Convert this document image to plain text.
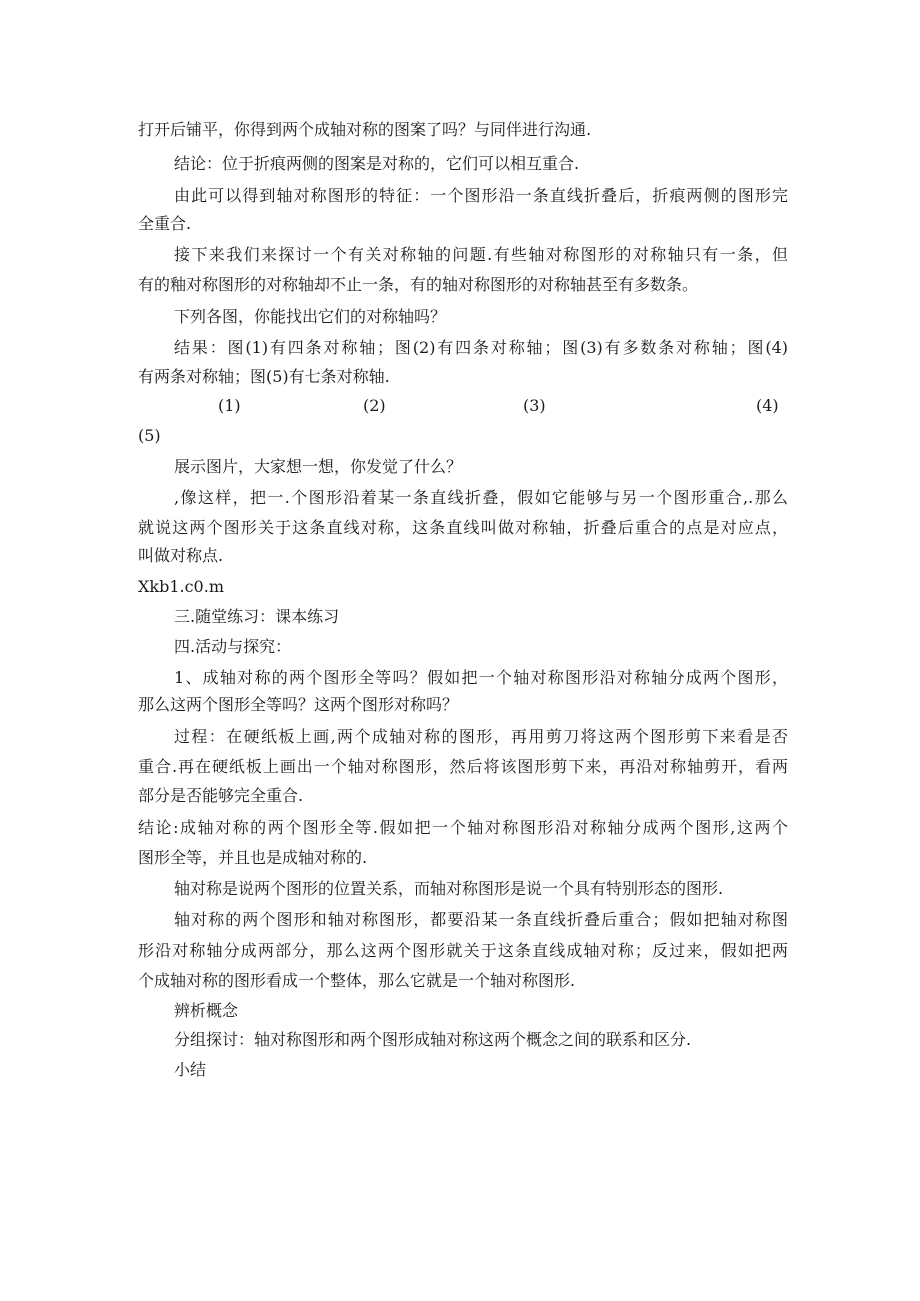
打开后铺平，你得到两个成轴对称的图案了吗？与同伴进行沟通.
结论：位于折痕两侧的图案是对称的，它们可以相互重合.
由此可以得到轴对称图形的特征：一个图形沿一条直线折叠后，折痕两侧的图形完
全重合.
接下来我们来探讨一个有关对称轴的问题.有些轴对称图形的对称轴只有一条，但
有的釉对称图形的对称轴却不止一条，有的轴对称图形的对称轴甚至有多数条。
下列各图，你能找出它们的对称轴吗？
结果：图(1)有四条对称轴；图(2)有四条对称轴；图(3)有多数条对称轴；图(4)
有两条对称轴；图(5)有七条对称轴.
(1)	(2)	(3)	(4)
(5)
展示图片，大家想一想，你发觉了什么？
,像这样，把一.个图形沿着某一条直线折叠，假如它能够与另一个图形重合,.那么
就说这两个图形关于这条直线对称，这条直线叫做对称轴，折叠后重合的点是对应点，
叫做对称点.
Xkb1.c0.m
三.随堂练习：课本练习
四.活动与探究：
1、成轴对称的两个图形全等吗？假如把一个轴对称图形沿对称轴分成两个图形，
那么这两个图形全等吗？这两个图形对称吗？
过程：在硬纸板上画,两个成轴对称的图形，再用剪刀将这两个图形剪下来看是否
重合.再在硬纸板上画出一个轴对称图形，然后将该图形剪下来，再沿对称轴剪开，看两
部分是否能够完全重合.
结论:成轴对称的两个图形全等.假如把一个轴对称图形沿对称轴分成两个图形,这两个
图形全等，并且也是成轴对称的.
轴对称是说两个图形的位置关系，而轴对称图形是说一个具有特别形态的图形.
轴对称的两个图形和轴对称图形，都要沿某一条直线折叠后重合；假如把轴对称图
形沿对称轴分成两部分，那么这两个图形就关于这条直线成轴对称；反过来，假如把两
个成轴对称的图形看成一个整体，那么它就是一个轴对称图形.
辨析概念
分组探讨：轴对称图形和两个图形成轴对称这两个概念之间的联系和区分.
小结
